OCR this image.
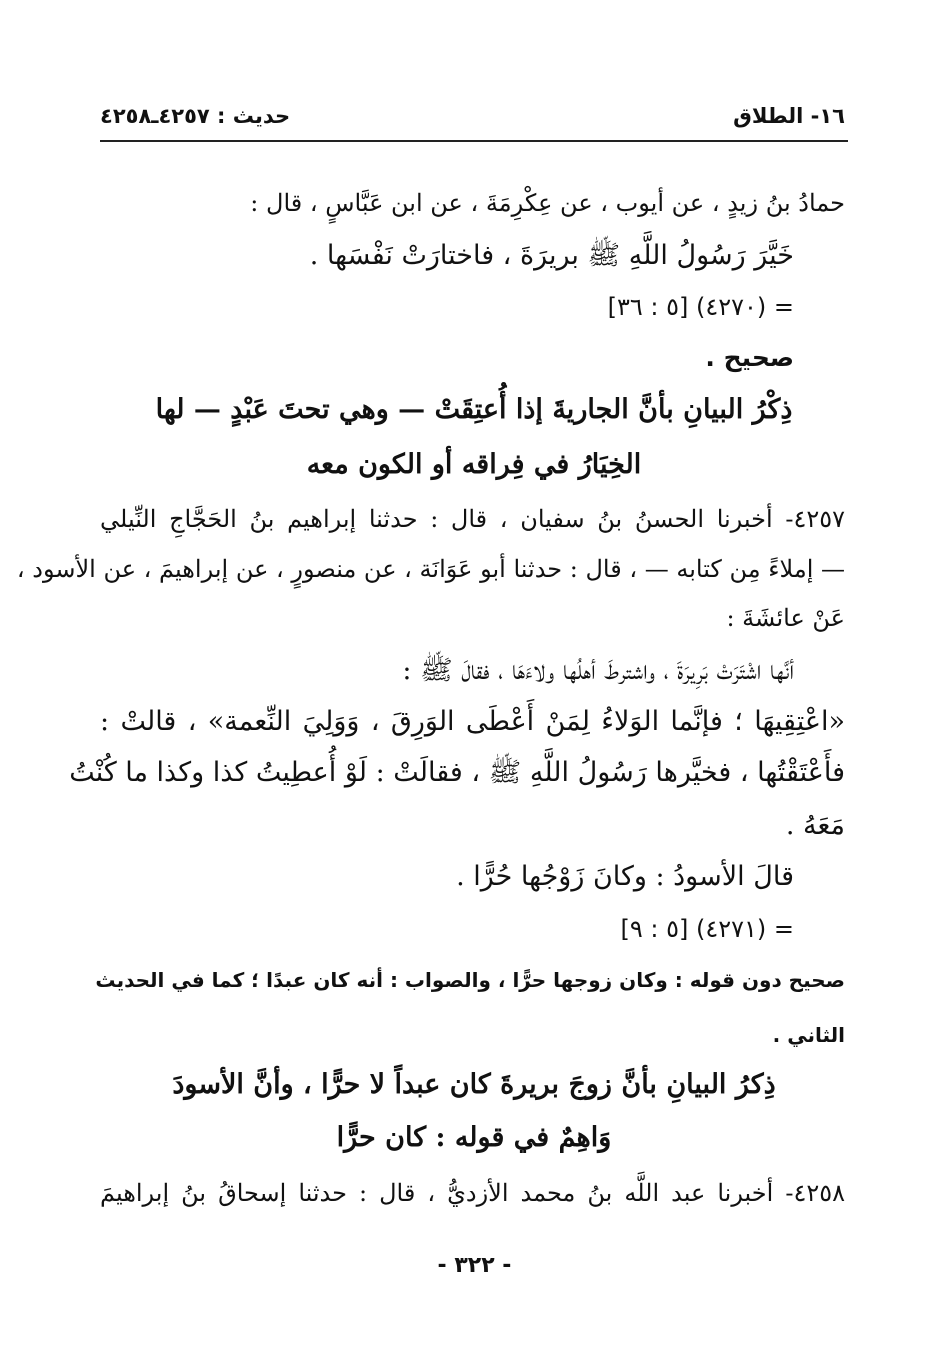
١٦- الطلاق
حديث : ٤٢٥٧ـ٤٢٥٨
حمادُ بنُ زيدٍ ، عن أيوب ، عن عِكْرِمَةَ ، عن ابن عَبَّاسٍ ، قال :
خَيَّرَ رَسُولُ اللَّهِ ﷺ بريرَةَ ، فاختارَتْ نَفْسَها .
= (٤٢٧٠) [٥ : ٣٦]
صحيح .
ذِكْرُ البيانِ بأنَّ الجاريةَ إذا أُعتِقَتْ — وهي تحتَ عَبْدٍ — لها
الخِيَارُ في فِراقه أو الكون معه
٤٢٥٧- أخبرنا الحسنُ بنُ سفيان ، قال : حدثنا إبراهيم بنُ الحَجَّاجِ النِّيلي
— إملاءً مِن كتابه — ، قال : حدثنا أبو عَوَانَة ، عن منصورٍ ، عن إبراهيمَ ، عن الأسود ،
عَنْ عائشَةَ :
أنَّها اشْتَرَتْ بَرِيرَةَ ، واشترطَ أهلُها ولاءَهَا ، فقالَ ﷺ :
«اعْتِقِيهَا ؛ فإنَّما الوَلاءُ لِمَنْ أَعْطَى الوَرِقَ ، وَوَلِيَ النِّعمة» ، قالتْ :
فأَعْتَقْتُها ، فخيَّرها رَسُولُ اللَّهِ ﷺ ، فقالَتْ : لَوْ أُعطِيتُ كذا وكذا ما كُنْتُ
مَعَهُ .
قالَ الأسودُ : وكانَ زَوْجُها حُرًّا .
= (٤٢٧١) [٥ : ٩]
صحيح دون قوله : وكان زوجها حرًّا ، والصواب : أنه كان عبدًا ؛ كما في الحديث
الثاني .
ذِكرُ البيانِ بأنَّ زوجَ بريرةَ كان عبداً لا حرًّا ، وأنَّ الأسودَ
وَاهِمٌ في قوله : كان حرًّا
٤٢٥٨- أخبرنا عبد اللَّه بنُ محمد الأزديُّ ، قال : حدثنا إسحاقُ بنُ إبراهيمَ
- ٣٢٢ -
